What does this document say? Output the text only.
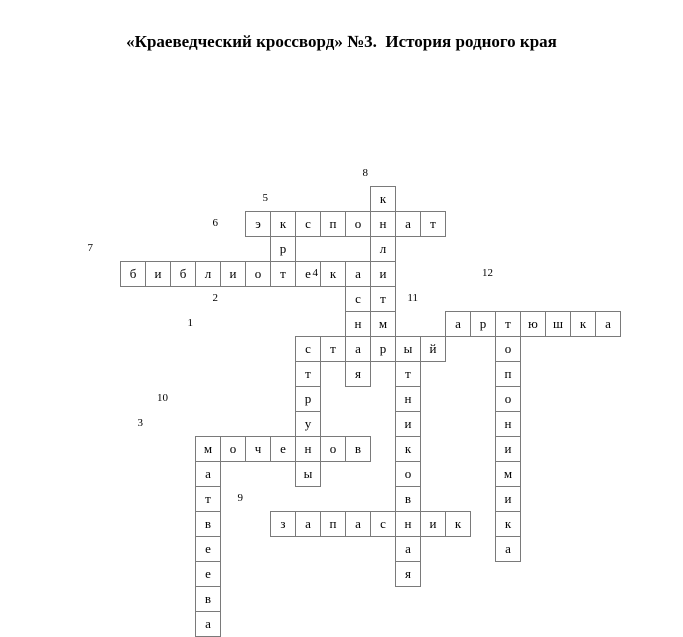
«Краеведческий кроссворд» №3.  История родного края
к
э	к	с	п	о	н	а	т
р	л
б	и	б	л	и	о	т	е	к	а	и
с	т
н	м	а	р	т	ю	ш	к	а
с	т	а	р	ы	й	о
т	я	т	п
р	н	о
у	и	н
м	о	ч	е	н	о	в	к	и
а	ы	о	м
т	в	и
в	з	а	п	а	с	н	и	к	к
е	а	а
е	я
в
а
8
5
6
7
4	12
2	11
1
10
3
9
